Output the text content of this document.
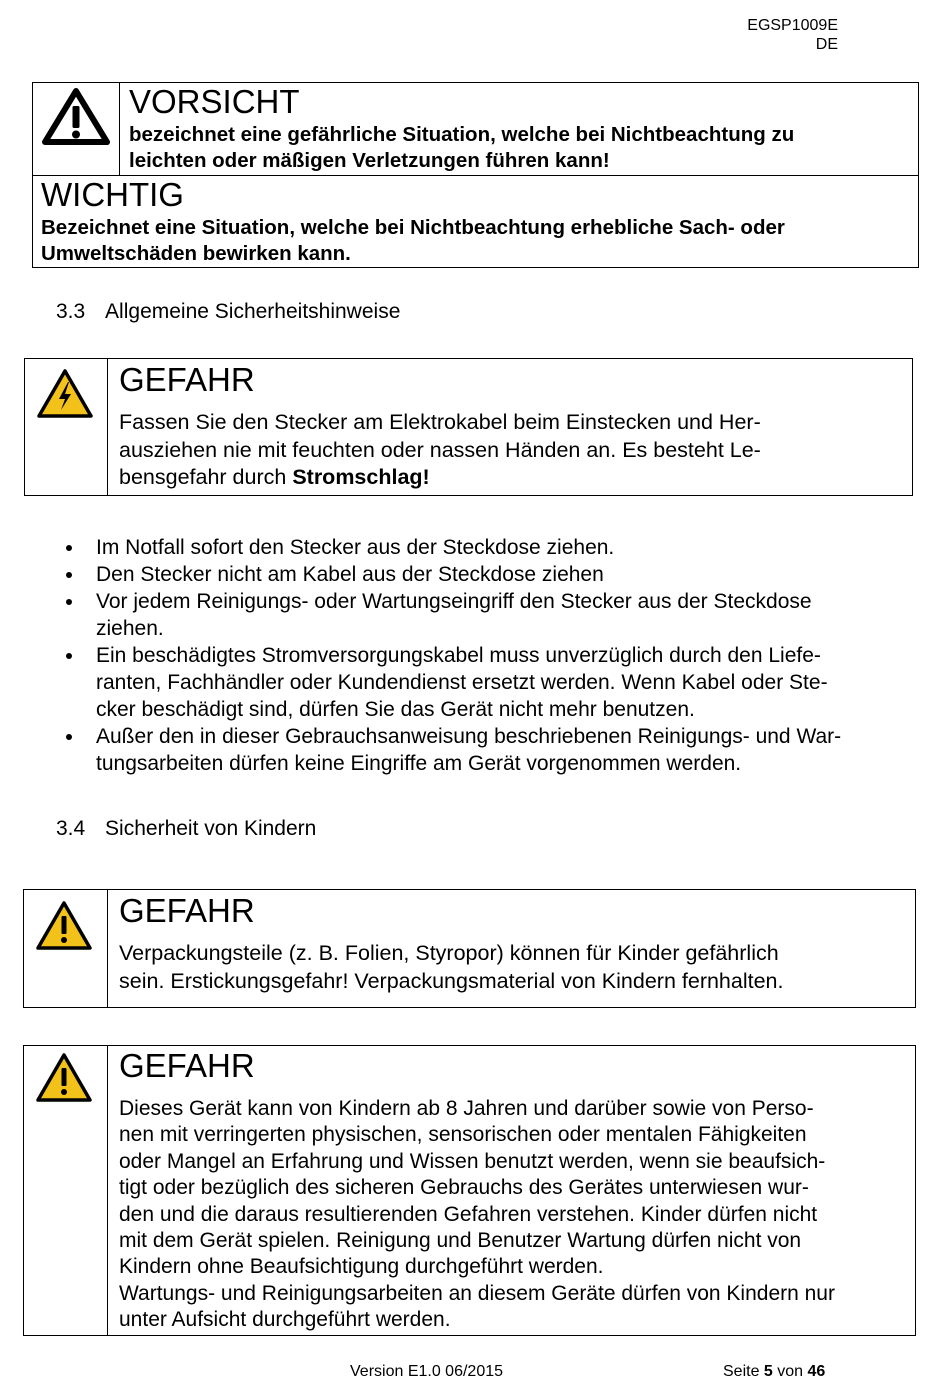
EGSP1009E
DE
VORSICHT
bezeichnet eine gefährliche Situation, welche bei Nichtbeachtung zu
leichten oder mäßigen Verletzungen führen kann!
WICHTIG
Bezeichnet eine Situation, welche bei Nichtbeachtung erhebliche Sach- oder
Umweltschäden bewirken kann.
3.3 Allgemeine Sicherheitshinweise
GEFAHR
Fassen Sie den Stecker am Elektrokabel beim Einstecken und Her-
ausziehen nie mit feuchten oder nassen Händen an. Es besteht Le-
bensgefahr durch Stromschlag!
Im Notfall sofort den Stecker aus der Steckdose ziehen.
Den Stecker nicht am Kabel aus der Steckdose ziehen
Vor jedem Reinigungs- oder Wartungseingriff den Stecker aus der Steckdose
ziehen.
Ein beschädigtes Stromversorgungskabel muss unverzüglich durch den Liefe-
ranten, Fachhändler oder Kundendienst ersetzt werden. Wenn Kabel oder Ste-
cker beschädigt sind, dürfen Sie das Gerät nicht mehr benutzen.
Außer den in dieser Gebrauchsanweisung beschriebenen Reinigungs- und War-
tungsarbeiten dürfen keine Eingriffe am Gerät vorgenommen werden.
3.4 Sicherheit von Kindern
GEFAHR
Verpackungsteile (z. B. Folien, Styropor) können für Kinder gefährlich
sein. Erstickungsgefahr! Verpackungsmaterial von Kindern fernhalten.
GEFAHR
Dieses Gerät kann von Kindern ab 8 Jahren und darüber sowie von Perso-
nen mit verringerten physischen, sensorischen oder mentalen Fähigkeiten
oder Mangel an Erfahrung und Wissen benutzt werden, wenn sie beaufsich-
tigt oder bezüglich des sicheren Gebrauchs des Gerätes unterwiesen wur-
den und die daraus resultierenden Gefahren verstehen. Kinder dürfen nicht
mit dem Gerät spielen. Reinigung und Benutzer Wartung dürfen nicht von
Kindern ohne Beaufsichtigung durchgeführt werden.
Wartungs- und Reinigungsarbeiten an diesem Geräte dürfen von Kindern nur
unter Aufsicht durchgeführt werden.
Version E1.0 06/2015	Seite 5 von 46
